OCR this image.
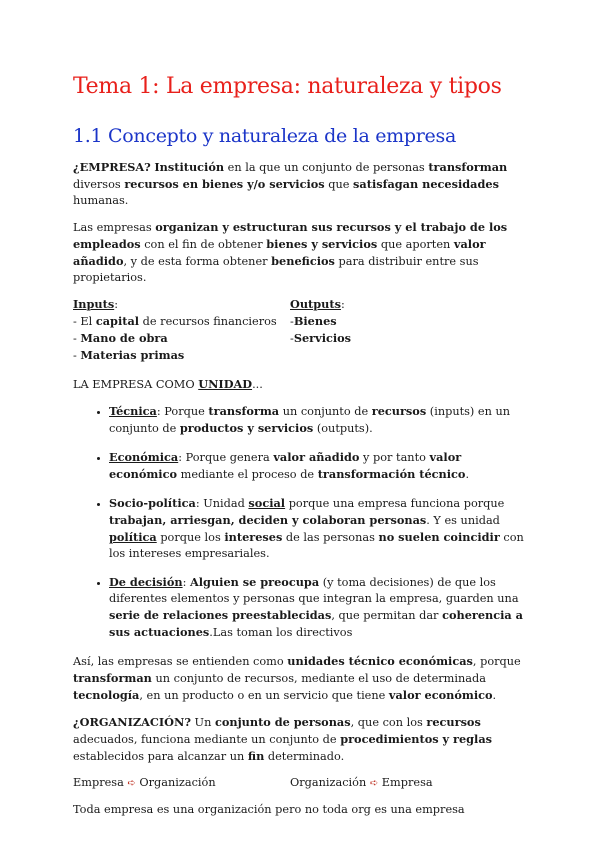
Tema 1: La empresa: naturaleza y tipos
1.1 Concepto y naturaleza de la empresa

¿EMPRESA? Institución en la que un conjunto de personas transforman diversos recursos en bienes y/o servicios que satisfagan necesidades humanas.

Las empresas organizan y estructuran sus recursos y el trabajo de los empleados con el fin de obtener bienes y servicios que aporten valor añadido, y de esta forma obtener beneficios para distribuir entre sus propietarios.

Inputs:
- El capital de recursos financieros
- Mano de obra
- Materias primas
Outputs:
-Bienes
-Servicios

LA EMPRESA COMO UNIDAD...

• Técnica: Porque transforma un conjunto de recursos (inputs) en un conjunto de productos y servicios (outputs).
• Económica: Porque genera valor añadido y por tanto valor económico mediante el proceso de transformación técnico.
• Socio-política: Unidad social porque una empresa funciona porque trabajan, arriesgan, deciden y colaboran personas. Y es unidad política porque los intereses de las personas no suelen coincidir con los intereses empresariales.
• De decisión: Alguien se preocupa (y toma decisiones) de que los diferentes elementos y personas que integran la empresa, guarden una serie de relaciones preestablecidas, que permitan dar coherencia a sus actuaciones.Las toman los directivos

Así, las empresas se entienden como unidades técnico económicas, porque transforman un conjunto de recursos, mediante el uso de determinada tecnología, en un producto o en un servicio que tiene valor económico.

¿ORGANIZACIÓN? Un conjunto de personas, que con los recursos adecuados, funciona mediante un conjunto de procedimientos y reglas establecidos para alcanzar un fin determinado.

Empresa ➪ Organización	Organización ➪ Empresa

Toda empresa es una organización pero no toda org es una empresa
